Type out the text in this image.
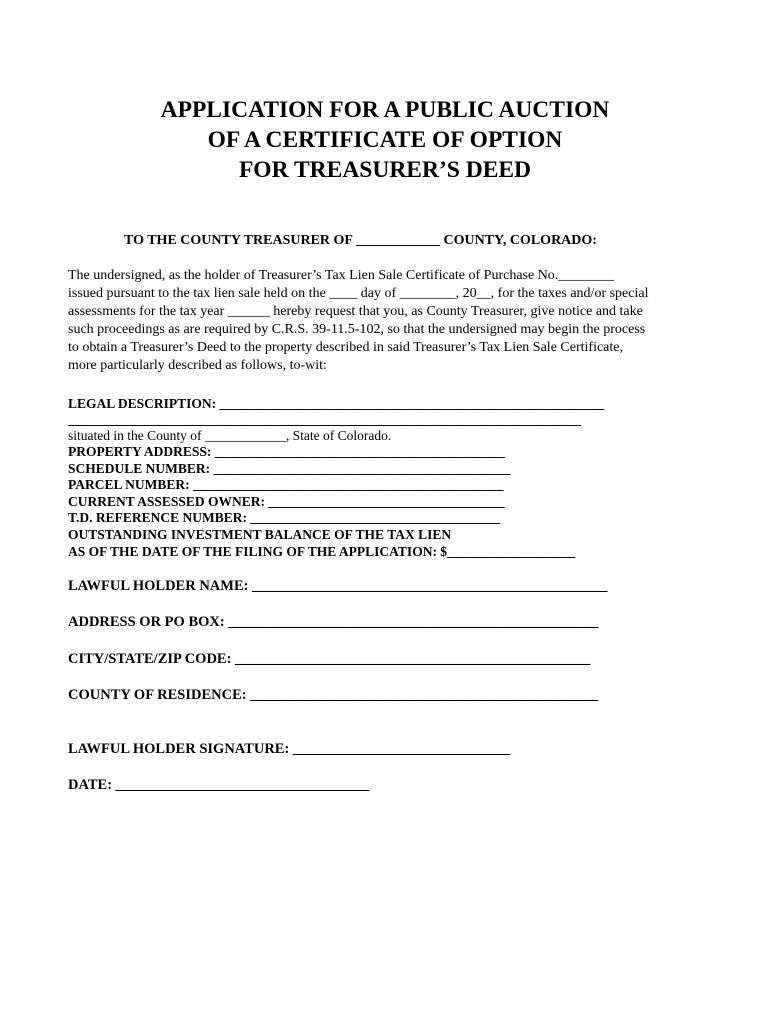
APPLICATION FOR A PUBLIC AUCTION
OF A CERTIFICATE OF OPTION
FOR TREASURER’S DEED

TO THE COUNTY TREASURER OF ____________ COUNTY, COLORADO:

The undersigned, as the holder of Treasurer’s Tax Lien Sale Certificate of Purchase No.________
issued pursuant to the tax lien sale held on the ____ day of ________, 20__, for the taxes and/or special
assessments for the tax year ______ hereby request that you, as County Treasurer, give notice and take
such proceedings as are required by C.R.S. 39-11.5-102, so that the undersigned may begin the process
to obtain a Treasurer’s Deed to the property described in said Treasurer’s Tax Lien Sale Certificate,
more particularly described as follows, to-wit:

LEGAL DESCRIPTION: _________________________________________________________

____________________________________________________________________________

situated in the County of ____________, State of Colorado.

PROPERTY ADDRESS: ___________________________________________

SCHEDULE NUMBER: ____________________________________________

PARCEL NUMBER: ______________________________________________

CURRENT ASSESSED OWNER: ___________________________________

T.D. REFERENCE NUMBER: _____________________________________

OUTSTANDING INVESTMENT BALANCE OF THE TAX LIEN

AS OF THE DATE OF THE FILING OF THE APPLICATION: $___________________

LAWFUL HOLDER NAME: _________________________________________________

ADDRESS OR PO BOX: ___________________________________________________

CITY/STATE/ZIP CODE: _________________________________________________

COUNTY OF RESIDENCE: ________________________________________________

LAWFUL HOLDER SIGNATURE: ______________________________

DATE: ___________________________________
